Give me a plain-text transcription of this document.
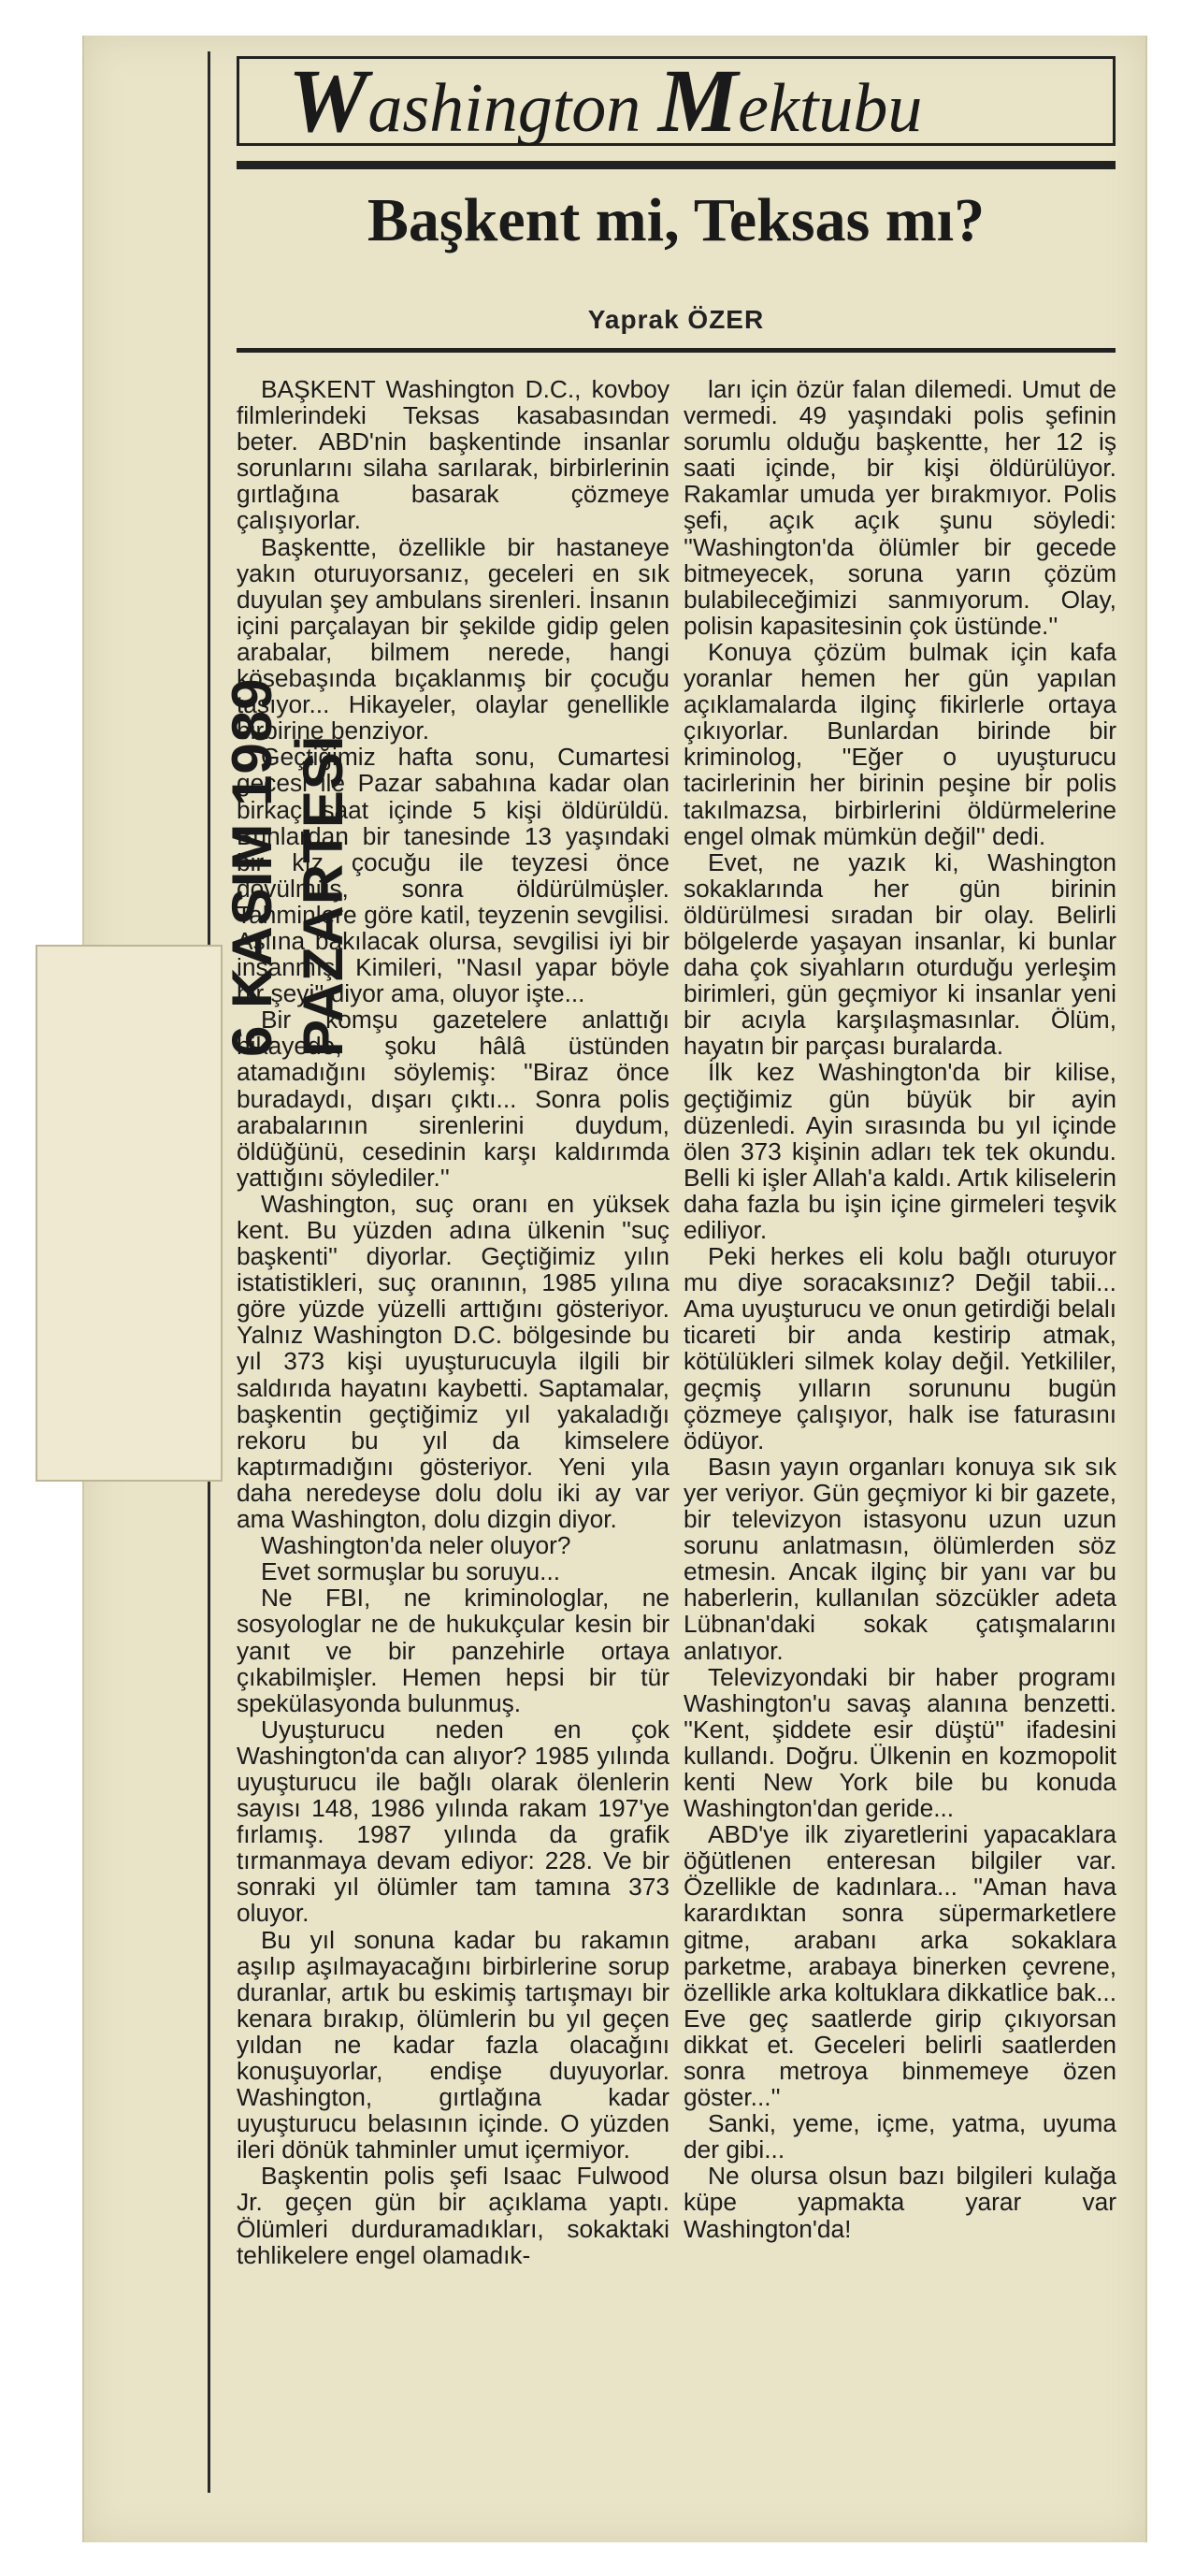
Washington Mektubu
Başkent mi, Teksas mı?
Yaprak ÖZER

BAŞKENT Washington D.C., kovboy filmlerindeki Teksas kasabasından beter. ABD'nin başkentinde insanlar sorunlarını silaha sarılarak, birbirlerinin gırtlağına basarak çözmeye çalışıyorlar.

Başkentte, özellikle bir hastaneye yakın oturuyorsanız, geceleri en sık duyulan şey ambulans sirenleri. İnsanın içini parçalayan bir şekilde gidip gelen arabalar, bilmem nerede, hangi köşebaşında bıçaklanmış bir çocuğu taşıyor... Hikayeler, olaylar genellikle birbirine benziyor.

Geçtiğimiz hafta sonu, Cumartesi gecesi ile Pazar sabahına kadar olan birkaç saat içinde 5 kişi öldürüldü. Bunlardan bir tanesinde 13 yaşındaki bir kız çocuğu ile teyzesi önce dövülmüş, sonra öldürülmüşler. Tahminlere göre katil, teyzenin sevgilisi. Aslına bakılacak olursa, sevgilisi iyi bir insanmış. Kimileri, ''Nasıl yapar böyle bir şeyi'' diyor ama, oluyor işte...

Bir komşu gazetelere anlattığı hikayede, şoku hâlâ üstünden atamadığını söylemiş: ''Biraz önce buradaydı, dışarı çıktı... Sonra polis arabalarının sirenlerini duydum, öldüğünü, cesedinin karşı kaldırımda yattığını söylediler.''

Washington, suç oranı en yüksek kent. Bu yüzden adına ülkenin ''suç başkenti'' diyorlar. Geçtiğimiz yılın istatistikleri, suç oranının, 1985 yılına göre yüzde yüzelli arttığını gösteriyor. Yalnız Washington D.C. bölgesinde bu yıl 373 kişi uyuşturucuyla ilgili bir saldırıda hayatını kaybetti. Saptamalar, başkentin geçtiğimiz yıl yakaladığı rekoru bu yıl da kimselere kaptırmadığını gösteriyor. Yeni yıla daha neredeyse dolu dolu iki ay var ama Washington, dolu dizgin diyor.

Washington'da neler oluyor?

Evet sormuşlar bu soruyu...

Ne FBI, ne kriminologlar, ne sosyologlar ne de hukukçular kesin bir yanıt ve bir panzehirle ortaya çıkabilmişler. Hemen hepsi bir tür spekülasyonda bulunmuş.

Uyuşturucu neden en çok Washington'da can alıyor? 1985 yılında uyuşturucu ile bağlı olarak ölenlerin sayısı 148, 1986 yılında rakam 197'ye fırlamış. 1987 yılında da grafik tırmanmaya devam ediyor: 228. Ve bir sonraki yıl ölümler tam tamına 373 oluyor.

Bu yıl sonuna kadar bu rakamın aşılıp aşılmayacağını birbirlerine sorup duranlar, artık bu eskimiş tartışmayı bir kenara bırakıp, ölümlerin bu yıl geçen yıldan ne kadar fazla olacağını konuşuyorlar, endişe duyuyorlar. Washington, gırtlağına kadar uyuşturucu belasının içinde. O yüzden ileri dönük tahminler umut içermiyor.

Başkentin polis şefi Isaac Fulwood Jr. geçen gün bir açıklama yaptı. Ölümleri durduramadıkları, sokaktaki tehlikelere engel olamadık-

ları için özür falan dilemedi. Umut de vermedi. 49 yaşındaki polis şefinin sorumlu olduğu başkentte, her 12 iş saati içinde, bir kişi öldürülüyor. Rakamlar umuda yer bırakmıyor. Polis şefi, açık açık şunu söyledi: ''Washington'da ölümler bir gecede bitmeyecek, soruna yarın çözüm bulabileceğimizi sanmıyorum. Olay, polisin kapasitesinin çok üstünde.''

Konuya çözüm bulmak için kafa yoranlar hemen her gün yapılan açıklamalarda ilginç fikirlerle ortaya çıkıyorlar. Bunlardan birinde bir kriminolog, ''Eğer o uyuşturucu tacirlerinin her birinin peşine bir polis takılmazsa, birbirlerini öldürmelerine engel olmak mümkün değil'' dedi.

Evet, ne yazık ki, Washington sokaklarında her gün birinin öldürülmesi sıradan bir olay. Belirli bölgelerde yaşayan insanlar, ki bunlar daha çok siyahların oturduğu yerleşim birimleri, gün geçmiyor ki insanlar yeni bir acıyla karşılaşmasınlar. Ölüm, hayatın bir parçası buralarda.

İlk kez Washington'da bir kilise, geçtiğimiz gün büyük bir ayin düzenledi. Ayin sırasında bu yıl içinde ölen 373 kişinin adları tek tek okundu. Belli ki işler Allah'a kaldı. Artık kiliselerin daha fazla bu işin içine girmeleri teşvik ediliyor.

Peki herkes eli kolu bağlı oturuyor mu diye soracaksınız? Değil tabii... Ama uyuşturucu ve onun getirdiği belalı ticareti bir anda kestirip atmak, kötülükleri silmek kolay değil. Yetkililer, geçmiş yılların sorununu bugün çözmeye çalışıyor, halk ise faturasını ödüyor.

Basın yayın organları konuya sık sık yer veriyor. Gün geçmiyor ki bir gazete, bir televizyon istasyonu uzun uzun sorunu anlatmasın, ölümlerden söz etmesin. Ancak ilginç bir yanı var bu haberlerin, kullanılan sözcükler adeta Lübnan'daki sokak çatışmalarını anlatıyor.

Televizyondaki bir haber programı Washington'u savaş alanına benzetti. ''Kent, şiddete esir düştü'' ifadesini kullandı. Doğru. Ülkenin en kozmopolit kenti New York bile bu konuda Washington'dan geride...

ABD'ye ilk ziyaretlerini yapacaklara öğütlenen enteresan bilgiler var. Özellikle de kadınlara... ''Aman hava karardıktan sonra süpermarketlere gitme, arabanı arka sokaklara parketme, arabaya binerken çevrene, özellikle arka koltuklara dikkatlice bak... Eve geç saatlerde girip çıkıyorsan dikkat et. Geceleri belirli saatlerden sonra metroya binmemeye özen göster...''

Sanki, yeme, içme, yatma, uyuma der gibi...

Ne olursa olsun bazı bilgileri kulağa küpe yapmakta yarar var Washington'da!

6 KASIM 1989 PAZARTESİ
